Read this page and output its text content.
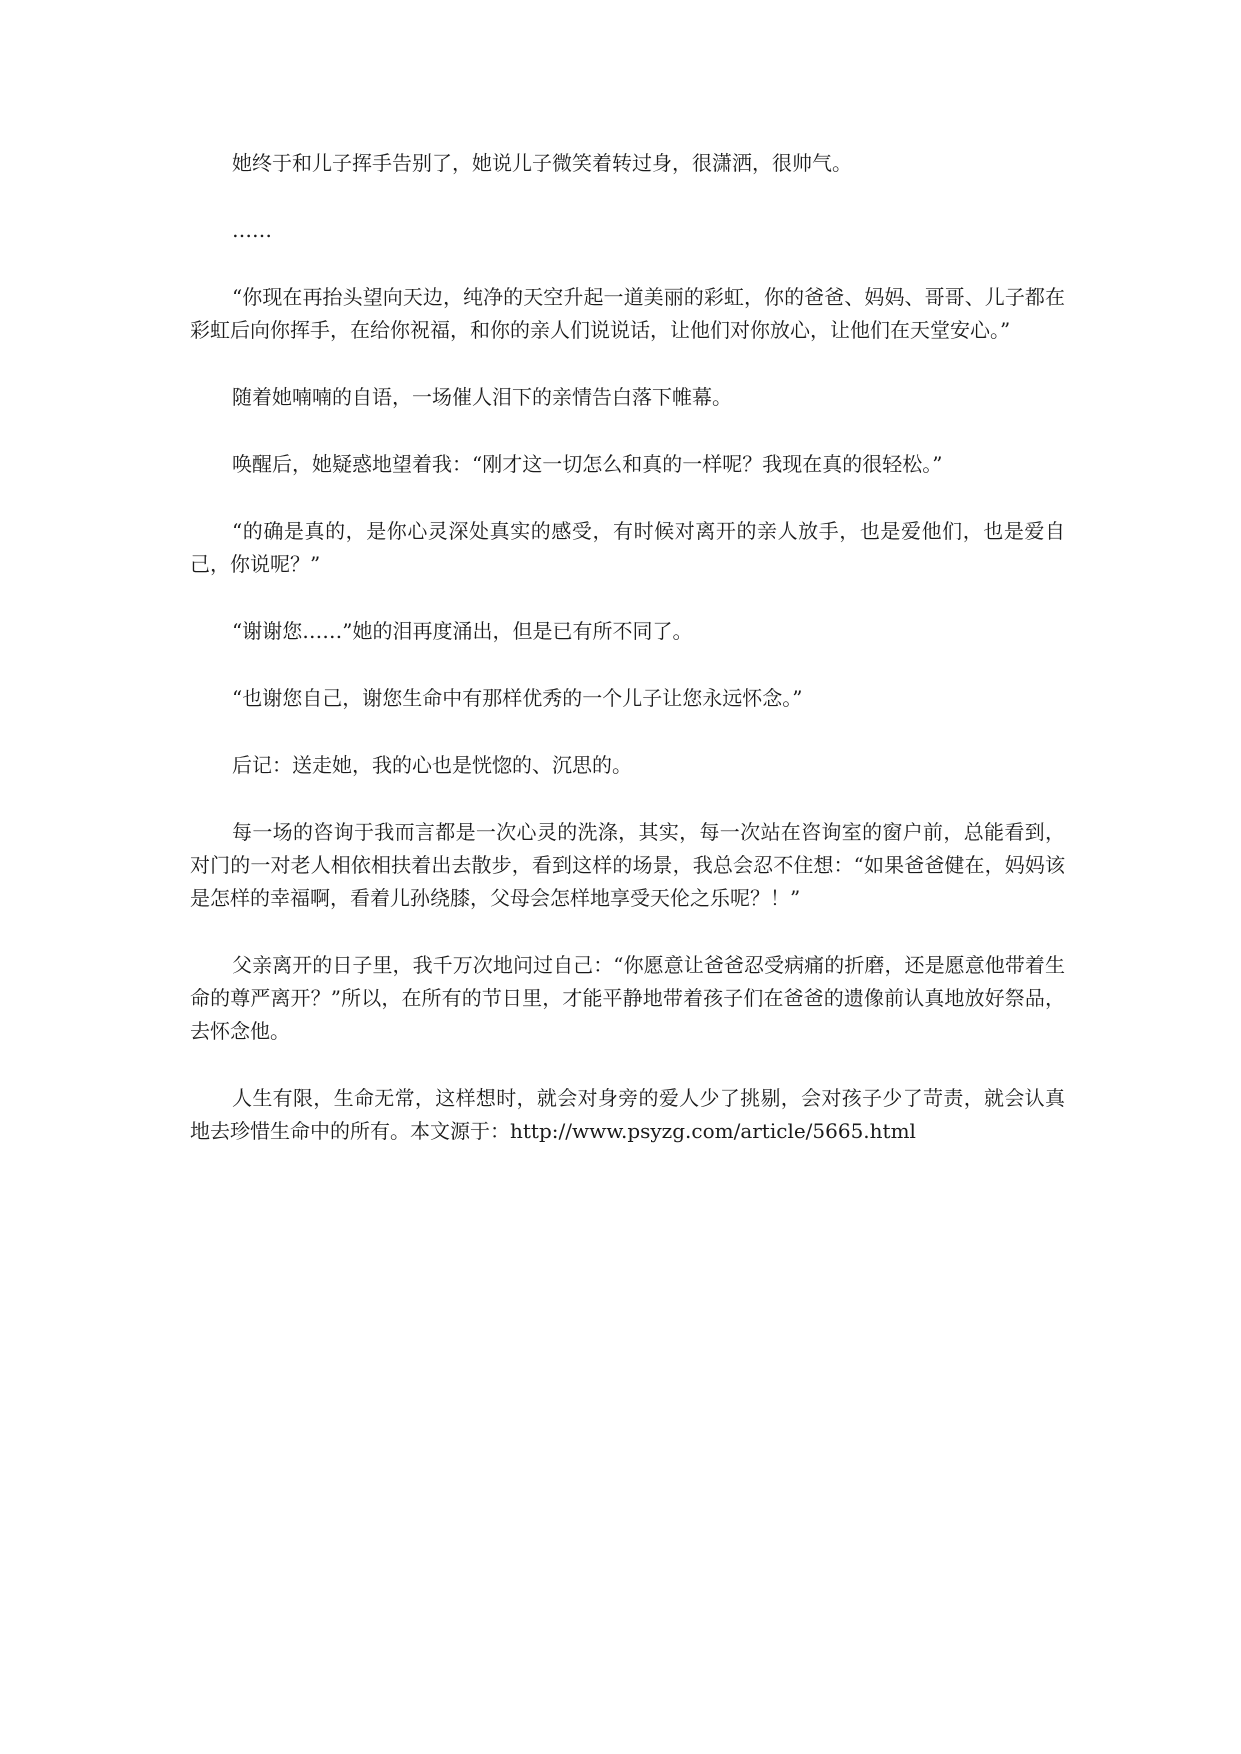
她终于和儿子挥手告别了，她说儿子微笑着转过身，很潇洒，很帅气。

……

“你现在再抬头望向天边，纯净的天空升起一道美丽的彩虹，你的爸爸、妈妈、哥哥、儿子都在彩虹后向你挥手，在给你祝福，和你的亲人们说说话，让他们对你放心，让他们在天堂安心。”

随着她喃喃的自语，一场催人泪下的亲情告白落下帷幕。

唤醒后，她疑惑地望着我：“刚才这一切怎么和真的一样呢？我现在真的很轻松。”

“的确是真的，是你心灵深处真实的感受，有时候对离开的亲人放手，也是爱他们，也是爱自己，你说呢？”

“谢谢您……”她的泪再度涌出，但是已有所不同了。

“也谢您自己，谢您生命中有那样优秀的一个儿子让您永远怀念。”

后记：送走她，我的心也是恍惚的、沉思的。

每一场的咨询于我而言都是一次心灵的洗涤，其实，每一次站在咨询室的窗户前，总能看到，对门的一对老人相依相扶着出去散步，看到这样的场景，我总会忍不住想：“如果爸爸健在，妈妈该是怎样的幸福啊，看着儿孙绕膝，父母会怎样地享受天伦之乐呢？！”

父亲离开的日子里，我千万次地问过自己：“你愿意让爸爸忍受病痛的折磨，还是愿意他带着生命的尊严离开？”所以，在所有的节日里，才能平静地带着孩子们在爸爸的遗像前认真地放好祭品，去怀念他。

人生有限，生命无常，这样想时，就会对身旁的爱人少了挑剔，会对孩子少了苛责，就会认真地去珍惜生命中的所有。本文源于：http://www.psyzg.com/article/5665.html
